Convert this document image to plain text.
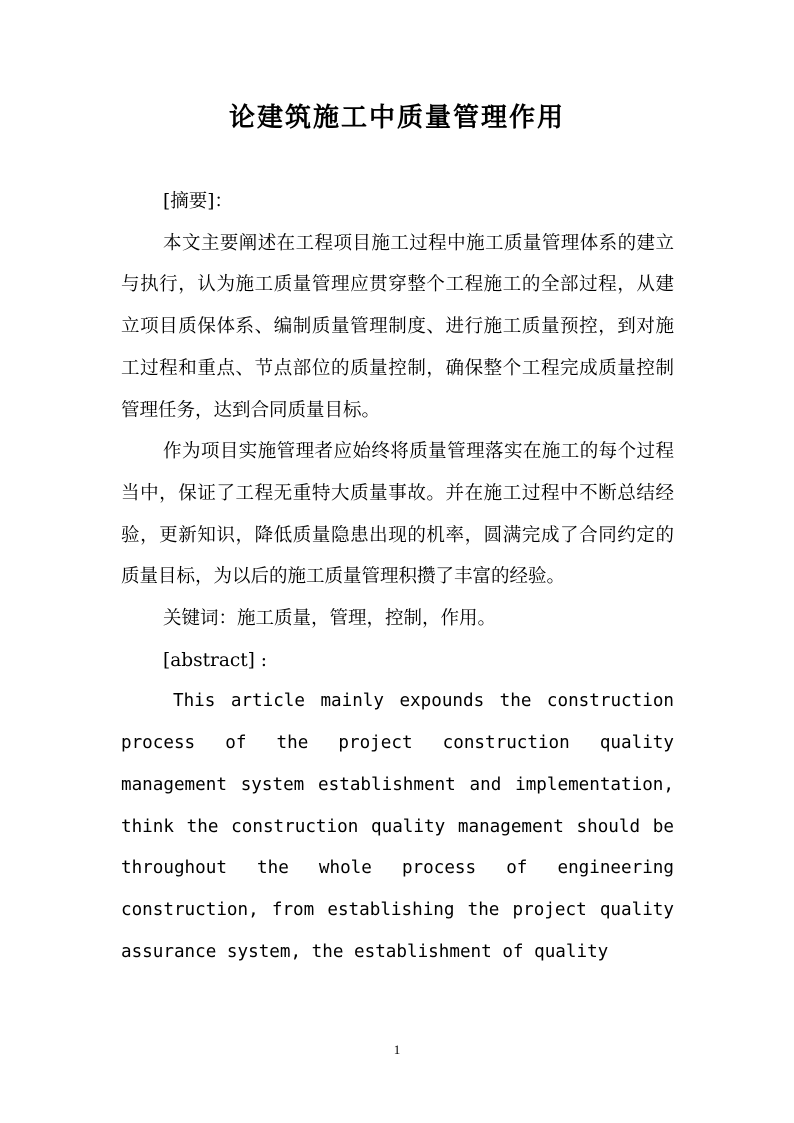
论建筑施工中质量管理作用

[摘要]：

本文主要阐述在工程项目施工过程中施工质量管理体系的建立与执行，认为施工质量管理应贯穿整个工程施工的全部过程，从建立项目质保体系、编制质量管理制度、进行施工质量预控，到对施工过程和重点、节点部位的质量控制，确保整个工程完成质量控制管理任务，达到合同质量目标。

作为项目实施管理者应始终将质量管理落实在施工的每个过程当中，保证了工程无重特大质量事故。并在施工过程中不断总结经验，更新知识，降低质量隐患出现的机率，圆满完成了合同约定的质量目标，为以后的施工质量管理积攒了丰富的经验。

关键词：施工质量，管理，控制，作用。

[abstract] :

This article mainly expounds the construction process of the project construction quality management system establishment and implementation, think the construction quality management should be throughout the whole process of engineering construction, from establishing the project quality assurance system, the establishment of quality

1
